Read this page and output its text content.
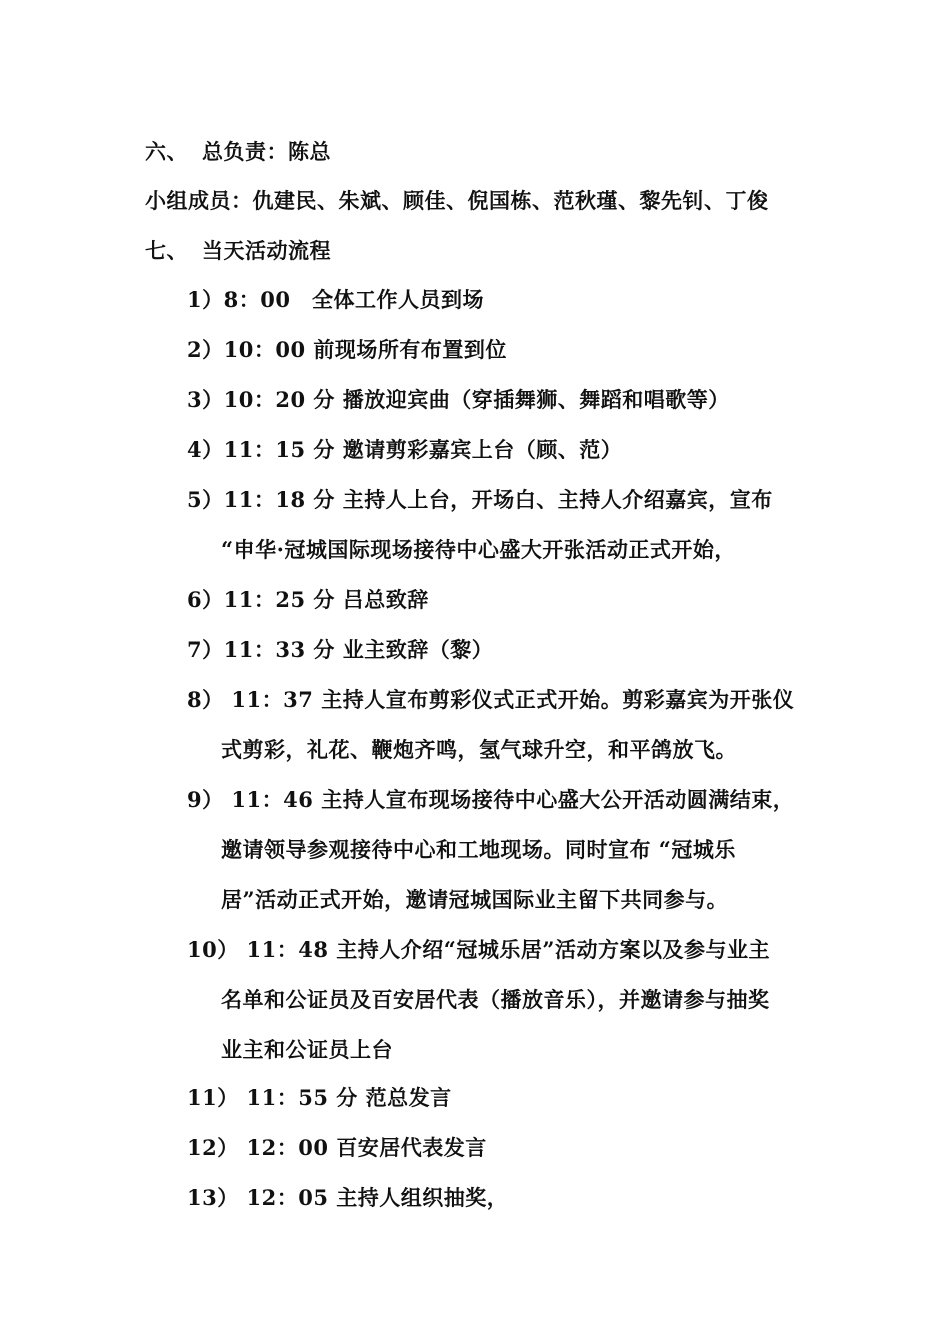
六、 总负责：陈总
小组成员：仇建民、朱斌、顾佳、倪国栋、范秋瑾、黎先钊、丁俊
七、 当天活动流程
1）8：00　全体工作人员到场
2）10：00 前现场所有布置到位
3）10：20 分 播放迎宾曲（穿插舞狮、舞蹈和唱歌等）
4）11：15 分 邀请剪彩嘉宾上台（顾、范）
5）11：18 分 主持人上台，开场白、主持人介绍嘉宾，宣布
“申华·冠城国际现场接待中心盛大开张活动正式开始，
6）11：25 分 吕总致辞
7）11：33 分 业主致辞（黎）
8） 11：37 主持人宣布剪彩仪式正式开始。剪彩嘉宾为开张仪
式剪彩，礼花、鞭炮齐鸣，氢气球升空，和平鸽放飞。
9） 11：46 主持人宣布现场接待中心盛大公开活动圆满结束，
邀请领导参观接待中心和工地现场。同时宣布 “冠城乐
居”活动正式开始，邀请冠城国际业主留下共同参与。
10） 11：48 主持人介绍“冠城乐居”活动方案以及参与业主
名单和公证员及百安居代表（播放音乐），并邀请参与抽奖
业主和公证员上台
11） 11：55 分 范总发言
12） 12：00 百安居代表发言
13） 12：05 主持人组织抽奖，
